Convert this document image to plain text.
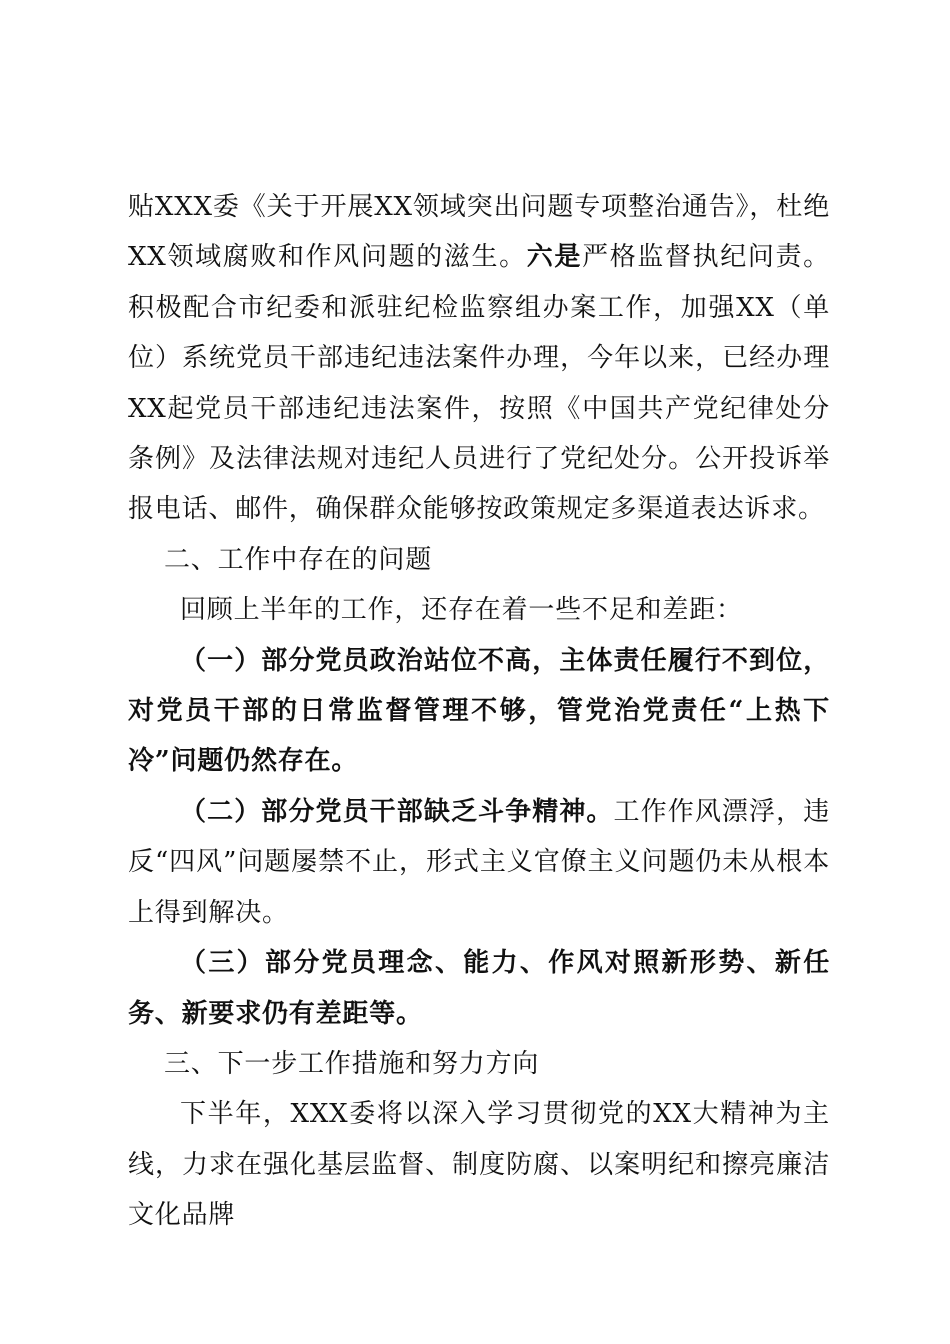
贴XXX委《关于开展XX领域突出问题专项整治通告》，杜绝XX领域腐败和作风问题的滋生。六是严格监督执纪问责。积极配合市纪委和派驻纪检监察组办案工作，加强XX（单位）系统党员干部违纪违法案件办理，今年以来，已经办理XX起党员干部违纪违法案件，按照《中国共产党纪律处分条例》及法律法规对违纪人员进行了党纪处分。公开投诉举报电话、邮件，确保群众能够按政策规定多渠道表达诉求。

二、工作中存在的问题

回顾上半年的工作，还存在着一些不足和差距：

（一）部分党员政治站位不高，主体责任履行不到位，对党员干部的日常监督管理不够，管党治党责任“上热下冷”问题仍然存在。

（二）部分党员干部缺乏斗争精神。工作作风漂浮，违反“四风”问题屡禁不止，形式主义官僚主义问题仍未从根本上得到解决。

（三）部分党员理念、能力、作风对照新形势、新任务、新要求仍有差距等。

三、下一步工作措施和努力方向

下半年，XXX委将以深入学习贯彻党的XX大精神为主线，力求在强化基层监督、制度防腐、以案明纪和擦亮廉洁文化品牌
